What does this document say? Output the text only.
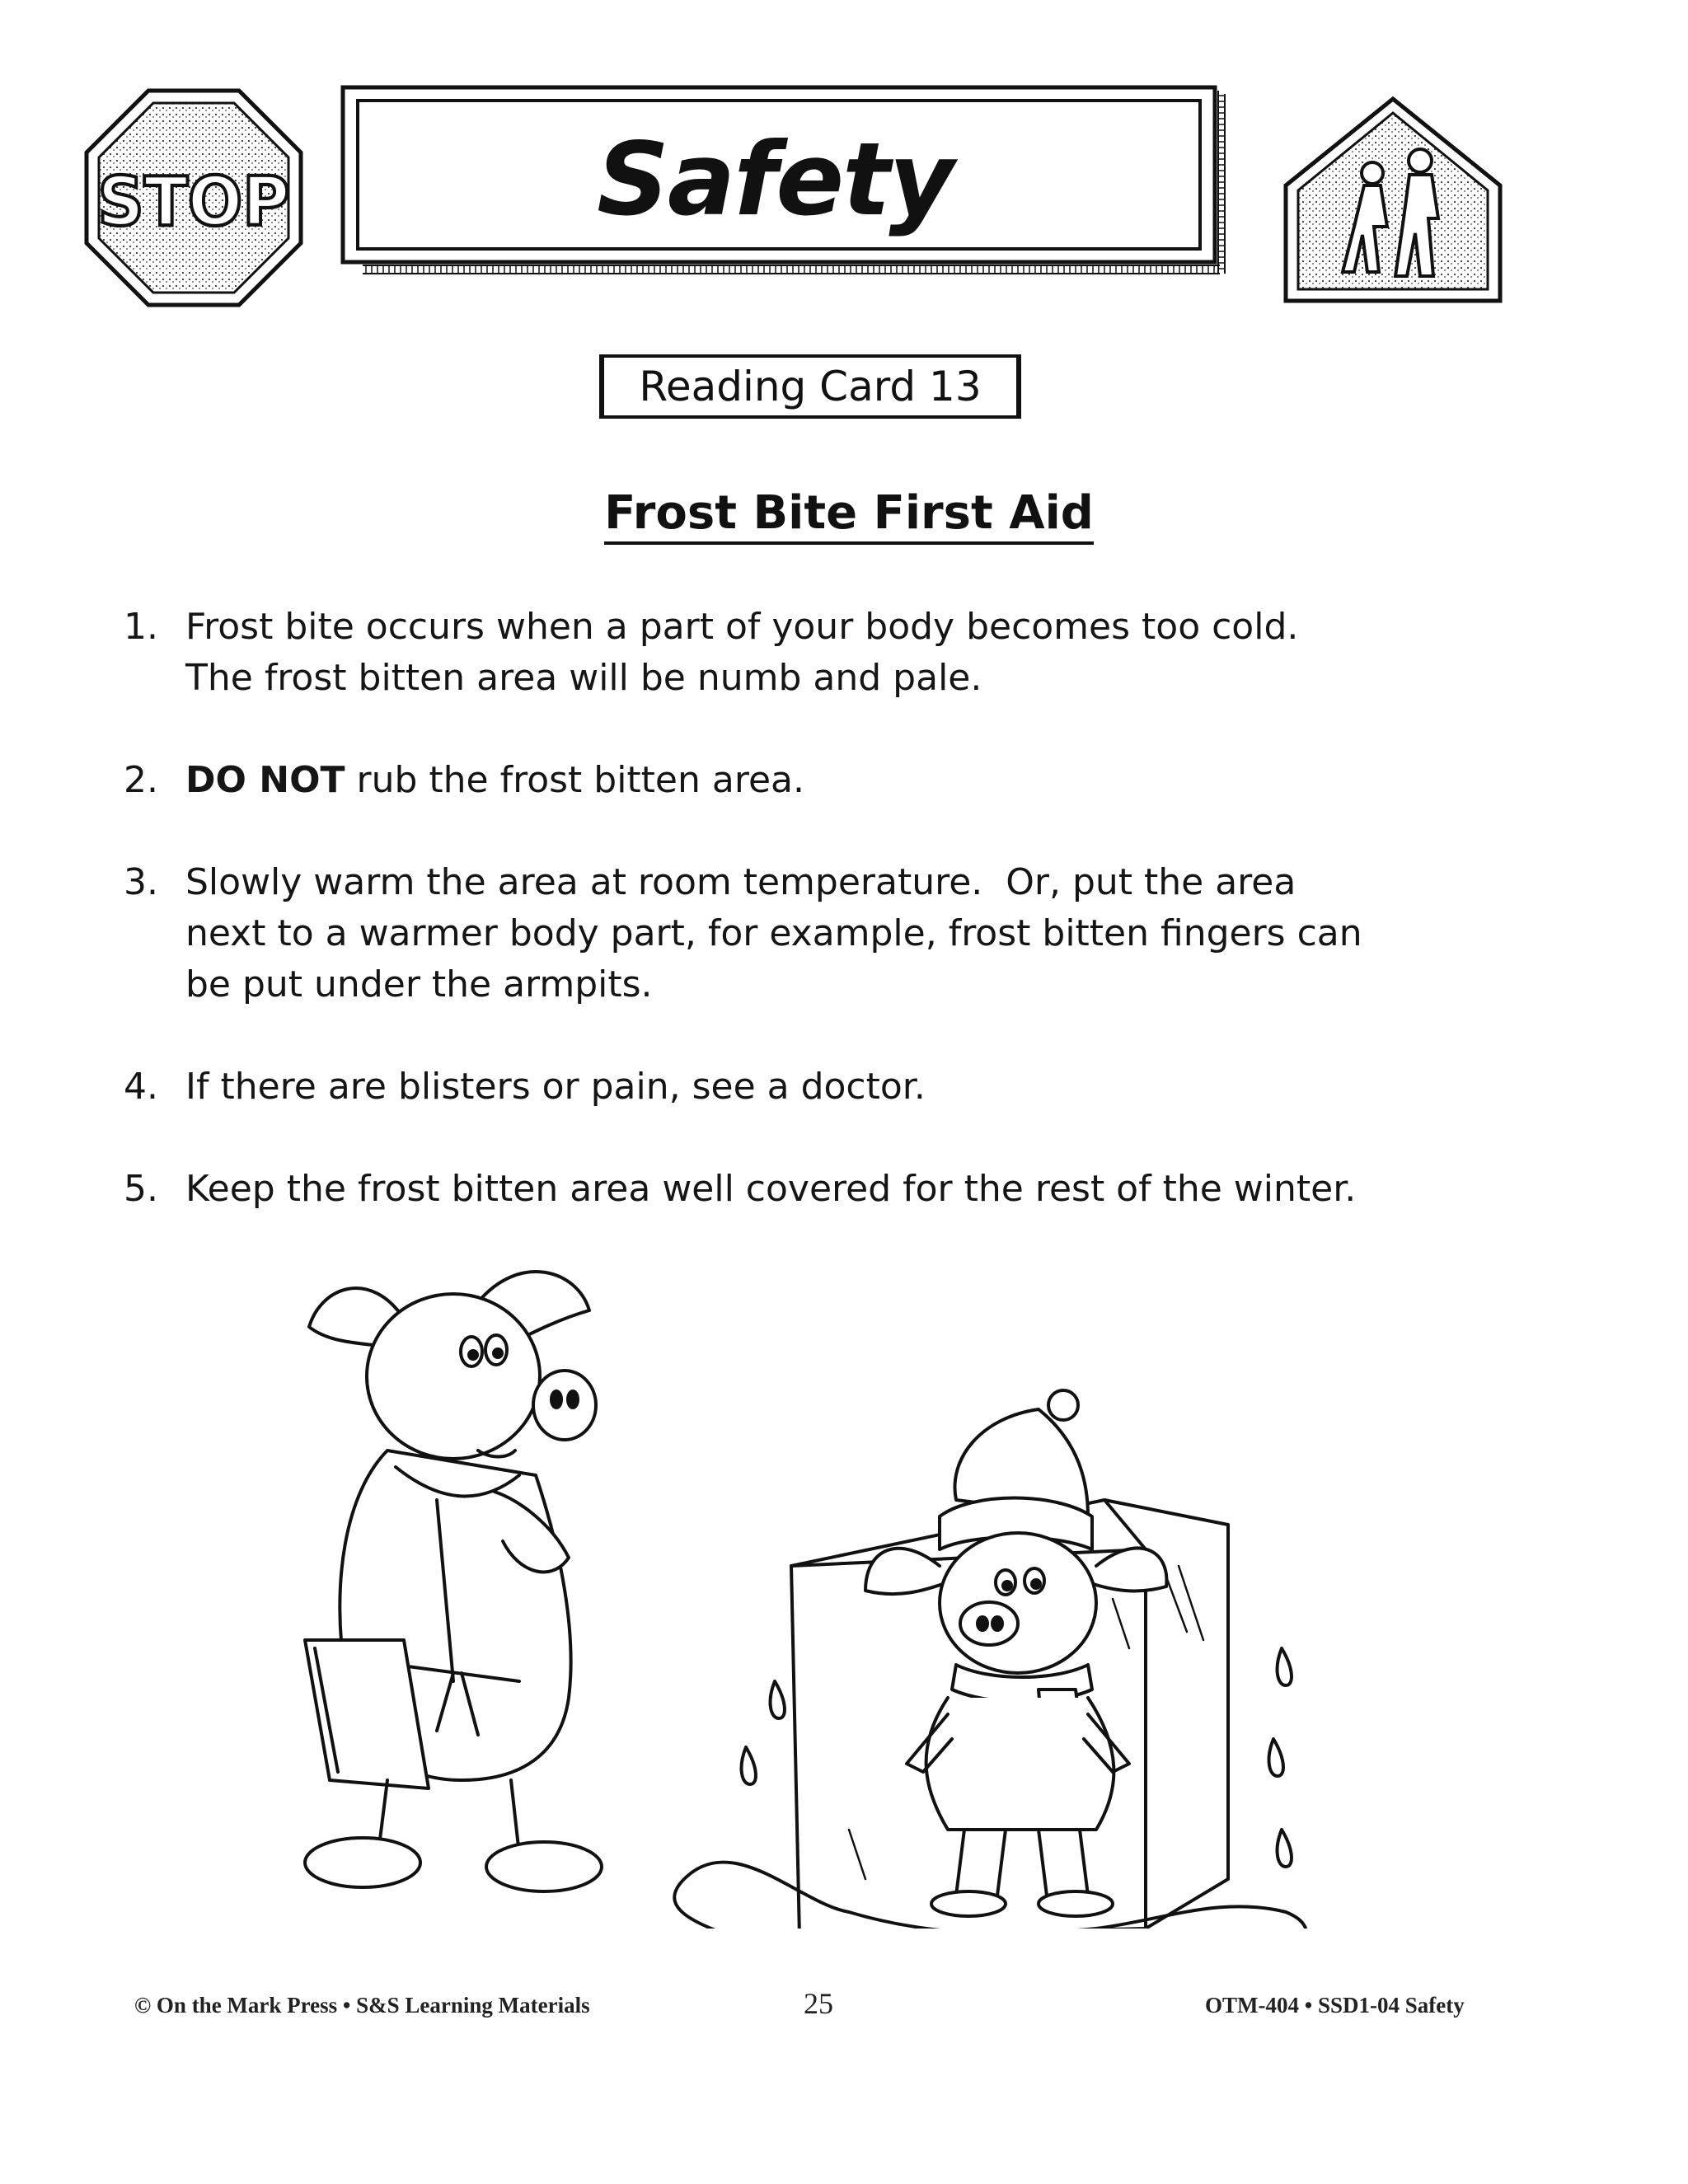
STOP	Safety
Reading Card 13
Frost Bite First Aid
1. Frost bite occurs when a part of your body becomes too cold.
The frost bitten area will be numb and pale.
2. DO NOT rub the frost bitten area.
3. Slowly warm the area at room temperature.  Or, put the area
next to a warmer body part, for example, frost bitten fingers can
be put under the armpits.
4. If there are blisters or pain, see a doctor.
5. Keep the frost bitten area well covered for the rest of the winter.
© On the Mark Press • S&S Learning Materials	25	OTM-404 • SSD1-04 Safety
